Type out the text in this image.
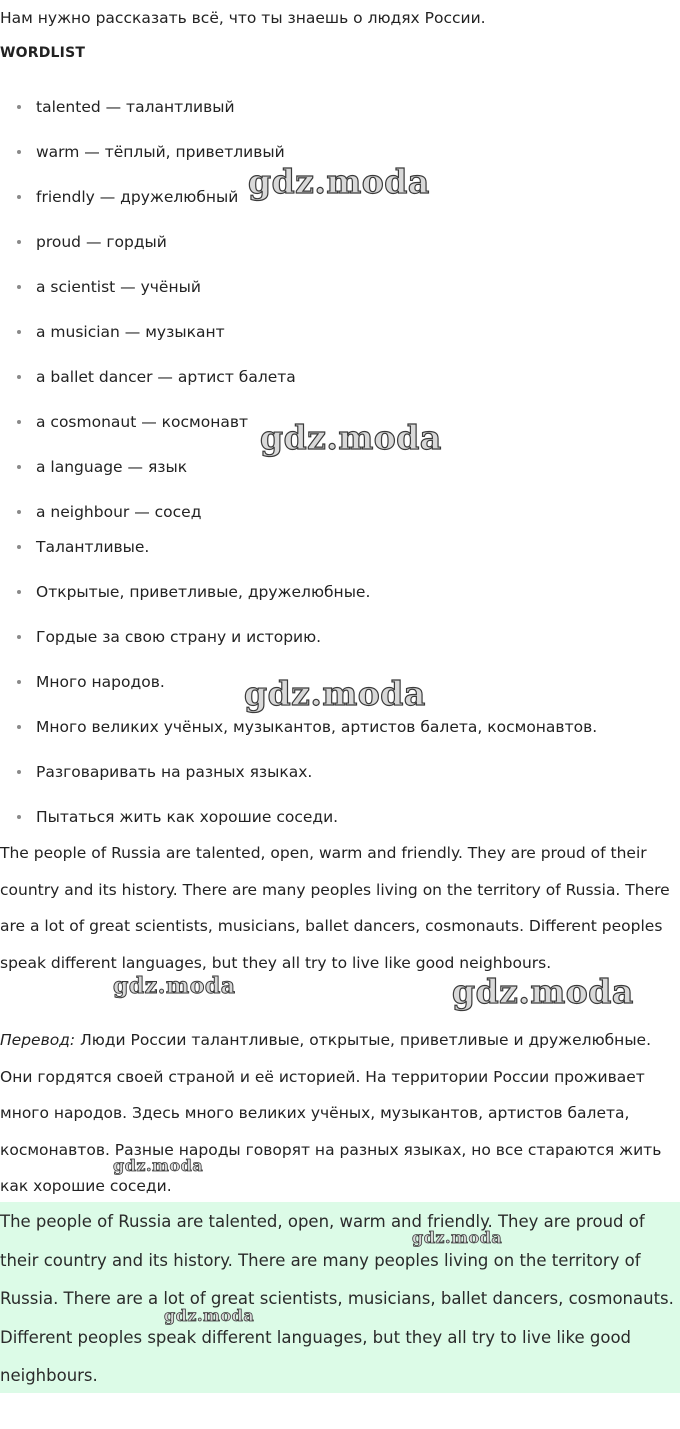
Нам нужно рассказать всё, что ты знаешь о людях России.
WORDLIST
talented — талантливый
warm — тёплый, приветливый
friendly — дружелюбный
proud — гордый
a scientist — учёный
a musician — музыкант
a ballet dancer — артист балета
a cosmonaut — космонавт
a language — язык
a neighbour — сосед
Талантливые.
Открытые, приветливые, дружелюбные.
Гордые за свою страну и историю.
Много народов.
Много великих учёных, музыкантов, артистов балета, космонавтов.
Разговаривать на разных языках.
Пытаться жить как хорошие соседи.
The people of Russia are talented, open, warm and friendly. They are proud of their country and its history. There are many peoples living on the territory of Russia. There are a lot of great scientists, musicians, ballet dancers, cosmonauts. Different peoples speak different languages, but they all try to live like good neighbours.
Перевод: Люди России талантливые, открытые, приветливые и дружелюбные. Они гордятся своей страной и её историей. На территории России проживает много народов. Здесь много великих учёных, музыкантов, артистов балета, космонавтов. Разные народы говорят на разных языках, но все стараются жить как хорошие соседи.
The people of Russia are talented, open, warm and friendly. They are proud of their country and its history. There are many peoples living on the territory of Russia. There are a lot of great scientists, musicians, ballet dancers, cosmonauts. Different peoples speak different languages, but they all try to live like good neighbours.
gdz.moda
gdz.moda
gdz.moda
gdz.moda	gdz.moda
gdz.moda
gdz.moda
gdz.moda
